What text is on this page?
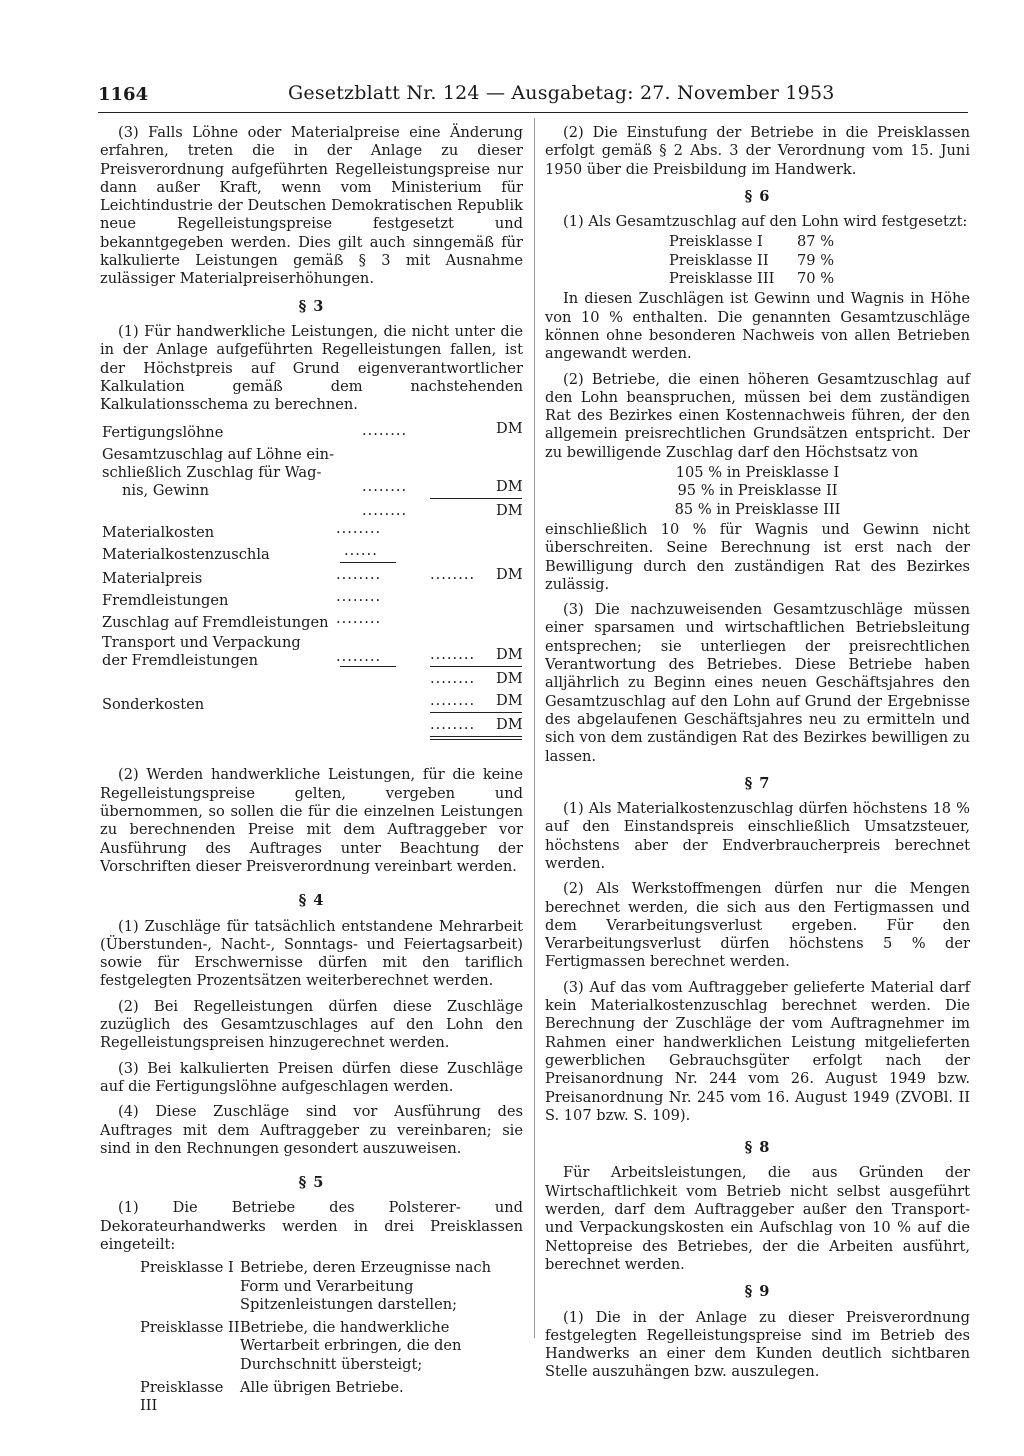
1164	Gesetzblatt Nr. 124 — Ausgabetag: 27. November 1953

(3) Falls Löhne oder Materialpreise eine Änderung erfahren, treten die in der Anlage zu dieser Preisverordnung aufgeführten Regelleistungspreise nur dann außer Kraft, wenn vom Ministerium für Leichtindustrie der Deutschen Demokratischen Republik neue Regelleistungspreise festgesetzt und bekanntgegeben werden. Dies gilt auch sinngemäß für kalkulierte Leistungen gemäß § 3 mit Ausnahme zulässiger Materialpreiserhöhungen.

§ 3

(1) Für handwerkliche Leistungen, die nicht unter die in der Anlage aufgeführten Regelleistungen fallen, ist der Höchstpreis auf Grund eigenverantwortlicher Kalkulation gemäß dem nachstehenden Kalkulationsschema zu berechnen.

Fertigungslöhne	........	DM
Gesamtzuschlag auf Löhne ein-
schließlich Zuschlag für Wag-
nis, Gewinn	........	DM
........	DM
Materialkosten	........
Materialkostenzuschla	......
Materialpreis	........	........ DM
Fremdleistungen	........
Zuschlag auf Fremdleistungen ........
Transport und Verpackung
der Fremdleistungen	........	........ DM
........ DM
Sonderkosten	........ DM
........ DM

(2) Werden handwerkliche Leistungen, für die keine Regelleistungspreise gelten, vergeben und übernommen, so sollen die für die einzelnen Leistungen zu berechnenden Preise mit dem Auftraggeber vor Ausführung des Auftrages unter Beachtung der Vorschriften dieser Preisverordnung vereinbart werden.

§ 4

(1) Zuschläge für tatsächlich entstandene Mehrarbeit (Überstunden-, Nacht-, Sonntags- und Feiertagsarbeit) sowie für Erschwernisse dürfen mit den tariflich festgelegten Prozentsätzen weiterberechnet werden.

(2) Bei Regelleistungen dürfen diese Zuschläge zuzüglich des Gesamtzuschlages auf den Lohn den Regelleistungspreisen hinzugerechnet werden.

(3) Bei kalkulierten Preisen dürfen diese Zuschläge auf die Fertigungslöhne aufgeschlagen werden.

(4) Diese Zuschläge sind vor Ausführung des Auftrages mit dem Auftraggeber zu vereinbaren; sie sind in den Rechnungen gesondert auszuweisen.

§ 5

(1) Die Betriebe des Polsterer- und Dekorateurhandwerks werden in drei Preisklassen eingeteilt:

Preisklasse I Betriebe, deren Erzeugnisse nach Form und Verarbeitung Spitzenleistungen darstellen;
Preisklasse II Betriebe, die handwerkliche Wertarbeit erbringen, die den Durchschnitt übersteigt;
Preisklasse III
Alle übrigen Betriebe.

(2) Die Einstufung der Betriebe in die Preisklassen erfolgt gemäß § 2 Abs. 3 der Verordnung vom 15. Juni 1950 über die Preisbildung im Handwerk.

§ 6

(1) Als Gesamtzuschlag auf den Lohn wird festgesetzt:

Preisklasse I	87 %
Preisklasse II	79 %
Preisklasse III	70 %

In diesen Zuschlägen ist Gewinn und Wagnis in Höhe von 10 % enthalten. Die genannten Gesamtzuschläge können ohne besonderen Nachweis von allen Betrieben angewandt werden.

(2) Betriebe, die einen höheren Gesamtzuschlag auf den Lohn beanspruchen, müssen bei dem zuständigen Rat des Bezirkes einen Kostennachweis führen, der den allgemein preisrechtlichen Grundsätzen entspricht. Der zu bewilligende Zuschlag darf den Höchstsatz von

105 % in Preisklasse I
95 % in Preisklasse II
85 % in Preisklasse III

einschließlich 10 % für Wagnis und Gewinn nicht überschreiten. Seine Berechnung ist erst nach der Bewilligung durch den zuständigen Rat des Bezirkes zulässig.

(3) Die nachzuweisenden Gesamtzuschläge müssen einer sparsamen und wirtschaftlichen Betriebsleitung entsprechen; sie unterliegen der preisrechtlichen Verantwortung des Betriebes. Diese Betriebe haben alljährlich zu Beginn eines neuen Geschäftsjahres den Gesamtzuschlag auf den Lohn auf Grund der Ergebnisse des abgelaufenen Geschäftsjahres neu zu ermitteln und sich von dem zuständigen Rat des Bezirkes bewilligen zu lassen.

§ 7

(1) Als Materialkostenzuschlag dürfen höchstens 18 % auf den Einstandspreis einschließlich Umsatzsteuer, höchstens aber der Endverbraucherpreis berechnet werden.

(2) Als Werkstoffmengen dürfen nur die Mengen berechnet werden, die sich aus den Fertigmassen und dem Verarbeitungsverlust ergeben. Für den Verarbeitungsverlust dürfen höchstens 5 % der Fertigmassen berechnet werden.

(3) Auf das vom Auftraggeber gelieferte Material darf kein Materialkostenzuschlag berechnet werden. Die Berechnung der Zuschläge der vom Auftragnehmer im Rahmen einer handwerklichen Leistung mitgelieferten gewerblichen Gebrauchsgüter erfolgt nach der Preisanordnung Nr. 244 vom 26. August 1949 bzw. Preisanordnung Nr. 245 vom 16. August 1949 (ZVOBl. II S. 107 bzw. S. 109).

§ 8

Für Arbeitsleistungen, die aus Gründen der Wirtschaftlichkeit vom Betrieb nicht selbst ausgeführt werden, darf dem Auftraggeber außer den Transport- und Verpackungskosten ein Aufschlag von 10 % auf die Nettopreise des Betriebes, der die Arbeiten ausführt, berechnet werden.

§ 9

(1) Die in der Anlage zu dieser Preisverordnung festgelegten Regelleistungspreise sind im Betrieb des Handwerks an einer dem Kunden deutlich sichtbaren Stelle auszuhängen bzw. auszulegen.
